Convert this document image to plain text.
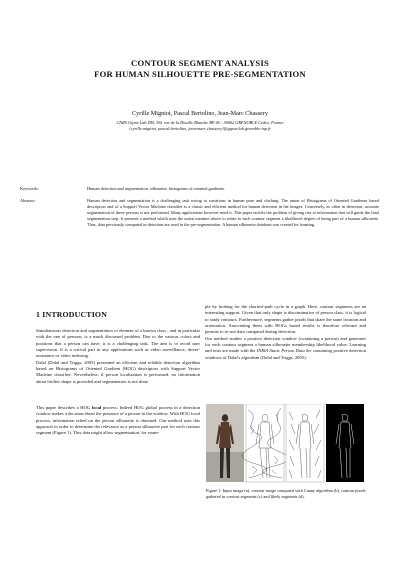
CONTOUR SEGMENT ANALYSIS
FOR HUMAN SILHOUETTE PRE-SEGMENTATION
Cyrille Migniot, Pascal Bertolino, Jean-Marc Chassery
CNRS Gipsa-Lab DIS, 961 rue de la Houille Blanche BP 46 - 38402 GRENOBLE Cedex, France
{cyrille.migniot, pascal.bertolino, jean-marc.chassery}@gipsa-lab.grenoble-inp.fr
Keywords:	Human detection and segmentation, silhouette, histograms of oriented gradients.
Abstract:	Human detection and segmentation is a challenging task owing to variations in human pose and clothing. The union of Histograms of Oriented Gradients based descriptors and of a Support Vector Machine classifier is a classic and efficient method for human detection in the images. Conversely, as often in detection, accurate segmentation of these persons is not performed. Many applications however need it. This paper tackles the problem of giving rise to information that will guide the final segmentation step. It presents a method which uses the union mention above to relate to each contour segment a likelihood degree of being part of a human silhouette. Thus, data previously computed in detection are used in the pre-segmentation. A human silhouette database was created for learning.
1 INTRODUCTION

Simultaneous detection and segmentation of element of a known class , and in particular with the one of persons, is a much discussed problem. Due to the various colors and positions that a person can have, it is a challenging task. The aim is to avoid user supervision. It is a critical part in any applications such as video surveillance, driver-assistance or video indexing.

Dalal (Dalal and Triggs, 2005) presented an efficient and reliable detection algorithm based on Histograms of Oriented Gradient (HOG) descriptors with Support Vector Machine classifier. Nevertheless, if person localization is performed, no information about his/her shape is provided and segmentation is not done.

This paper describes a HOG local process: Indeed HOG global process in a detection window makes a decision about the presence of a person in the window. With HOG local process, information relied on the person silhouette is obtained. Our method uses this approach in order to determine the relevance as a person silhouette part for each contour segment (Figure 1). This data might allow segmentation, for exam-

ple by looking for the shortest-path cycle in a graph. Here, contour segments are an interesting support. Given that only shape is discriminative of person class, it is logical to study contours. Furthermore, segments gather pixels that share the same location and orientation. Associating them with HOGs based results is therefore relevant and permits to re-use data computed during detection.

Our method studies a positive detection window (containing a person) and generates for each contour segment a human silhouette membership likelihood value. Learning and tests are made with the INRIA Static Person Data Set containing positive detection windows of Dalal's algorithm (Dalal and Triggs, 2005).

Figure 1: Input image (a), contour image computed with Canny algorithm (b), contour pixels gathered in contour segments (c) and likely segments (d).
